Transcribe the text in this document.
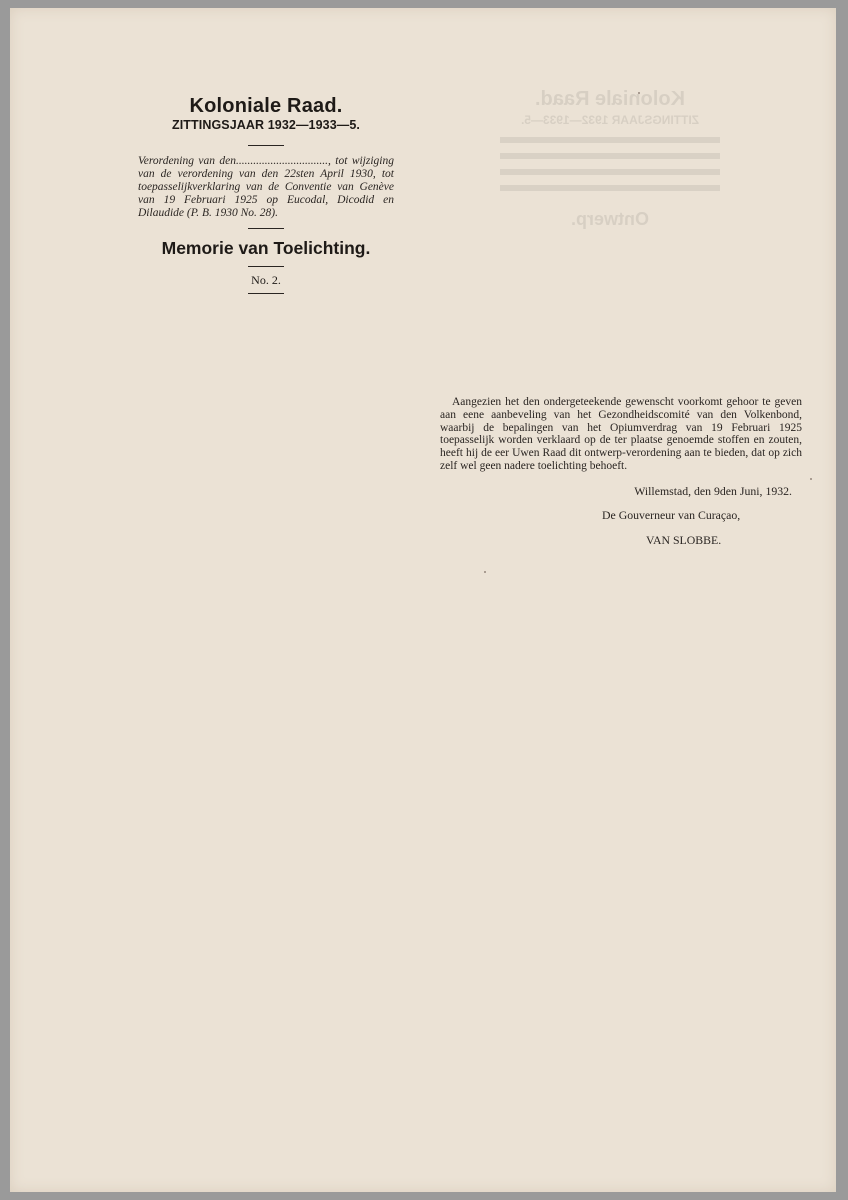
Koloniale Raad.
ZITTINGSJAAR 1932—1933—5.
Ontwerp.
Koloniale Raad.
ZITTINGSJAAR 1932—1933—5.
Verordening van den................................, tot wijziging van de verordening van den 22sten April 1930, tot toepasselijkverklaring van de Conventie van Genève van 19 Februari 1925 op Eucodal, Dicodid en Dilaudide (P. B. 1930 No. 28).
Memorie van Toelichting.
No. 2.

Aangezien het den ondergeteekende gewenscht voorkomt gehoor te geven aan eene aanbeveling van het Gezondheidscomité van den Volkenbond, waarbij de bepalingen van het Opiumverdrag van 19 Februari 1925 toepasselijk worden verklaard op de ter plaatse genoemde stoffen en zouten, heeft hij de eer Uwen Raad dit ontwerp-verordening aan te bieden, dat op zich zelf wel geen nadere toelichting behoeft.

Willemstad, den 9den Juni, 1932.
De Gouverneur van Curaçao,
VAN SLOBBE.
